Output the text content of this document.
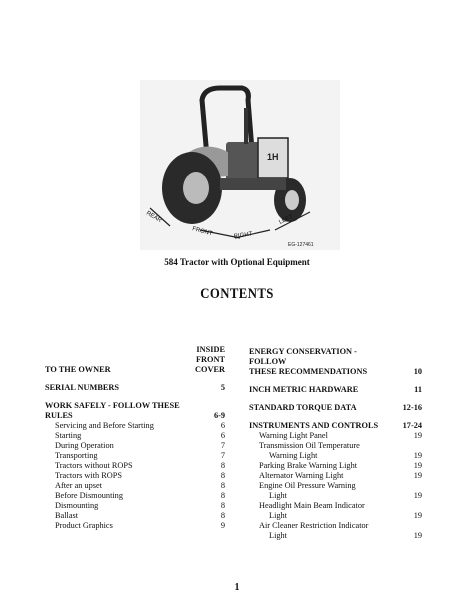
1H
REAR
FRONT	RIGHT
LEFT
EG-127461
584 Tractor with Optional Equipment
CONTENTS
INSIDE
FRONT
TO THE OWNER	COVER
SERIAL NUMBERS	5
WORK SAFELY - FOLLOW THESE
RULES	6-9
Servicing and Before Starting	6
Starting	6
During Operation	7
Transporting	7
Tractors without ROPS	8
Tractors with ROPS	8
After an upset	8
Before Dismounting	8
Dismounting	8
Ballast	8
Product Graphics	9
ENERGY CONSERVATION - FOLLOW
THESE RECOMMENDATIONS	10
INCH METRIC HARDWARE	11
STANDARD TORQUE DATA	12-16
INSTRUMENTS AND CONTROLS	17-24
Warning Light Panel	19
Transmission Oil Temperature
Warning Light	19
Parking Brake Warning Light	19
Alternator Warning Light	19
Engine Oil Pressure Warning
Light	19
Headlight Main Beam Indicator
Light	19
Air Cleaner Restriction Indicator
Light	19
1
